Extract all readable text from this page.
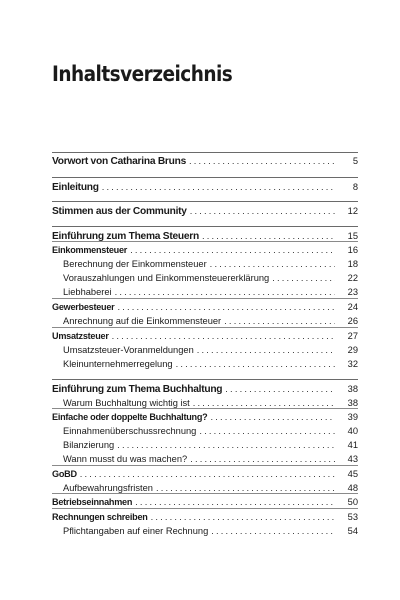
Inhaltsverzeichnis
Vorwort von Catharina Bruns . . .	5
Einleitung . . .	8
Stimmen aus der Community . . .	12
Einführung zum Thema Steuern . . .	15
Einkommensteuer . . .	16
Berechnung der Einkommensteuer . . .	18
Vorauszahlungen und Einkommensteuererklärung . . .	22
Liebhaberei . . .	23
Gewerbesteuer . . .	24
Anrechnung auf die Einkommensteuer . . .	26
Umsatzsteuer . . .	27
Umsatzsteuer-Voranmeldungen . . .	29
Kleinunternehmerregelung . . .	32
Einführung zum Thema Buchhaltung . . .	38
Warum Buchhaltung wichtig ist . . .	38
Einfache oder doppelte Buchhaltung? . . .	39
Einnahmenüberschussrechnung . . .	40
Bilanzierung . . .	41
Wann musst du was machen? . . .	43
GoBD . . .	45
Aufbewahrungsfristen . . .	48
Betriebseinnahmen . . .	50
Rechnungen schreiben . . .	53
Pflichtangaben auf einer Rechnung . . .	54
